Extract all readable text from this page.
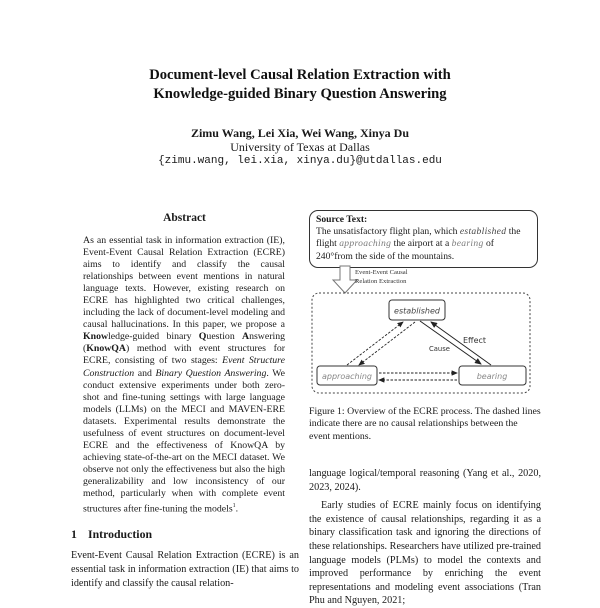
Document-level Causal Relation Extraction with
Knowledge-guided Binary Question Answering
Zimu Wang, Lei Xia, Wei Wang, Xinya Du
University of Texas at Dallas
{zimu.wang, lei.xia, xinya.du}@utdallas.edu
Abstract
As an essential task in information extraction (IE), Event-Event Causal Relation Extraction (ECRE) aims to identify and classify the causal relationships between event mentions in natural language texts. However, existing research on ECRE has highlighted two critical challenges, including the lack of document-level modeling and causal hallucinations. In this paper, we propose a Knowledge-guided binary Question Answering (KnowQA) method with event structures for ECRE, consisting of two stages: Event Structure Construction and Binary Question Answering. We conduct extensive experiments under both zero-shot and fine-tuning settings with large language models (LLMs) on the MECI and MAVEN-ERE datasets. Experimental results demonstrate the usefulness of event structures on document-level ECRE and the effectiveness of KnowQA by achieving state-of-the-art on the MECI dataset. We observe not only the effectiveness but also the high generalizability and low inconsistency of our method, particularly when with complete event structures after fine-tuning the models$^1$.
1 Introduction
Event-Event Causal Relation Extraction (ECRE) is an essential task in information extraction (IE) that aims to identify and classify the causal relation-
Source Text:
The unsatisfactory flight plan, which established the flight approaching the airport at a bearing of 240°from the side of the mountains.
established
approaching	bearing
Cause
Effect
Event-Event Causal
Relation Extraction
Figure 1: Overview of the ECRE process. The dashed lines indicate there are no causal relationships between the event mentions.

language logical/temporal reasoning (Yang et al., 2020, 2023, 2024).

Early studies of ECRE mainly focus on identifying the existence of causal relationships, regarding it as a binary classification task and ignoring the directions of these relationships. Researchers have utilized pre-trained language models (PLMs) to model the contexts and improved performance by enriching the event representations and modeling event associations (Tran Phu and Nguyen, 2021;
